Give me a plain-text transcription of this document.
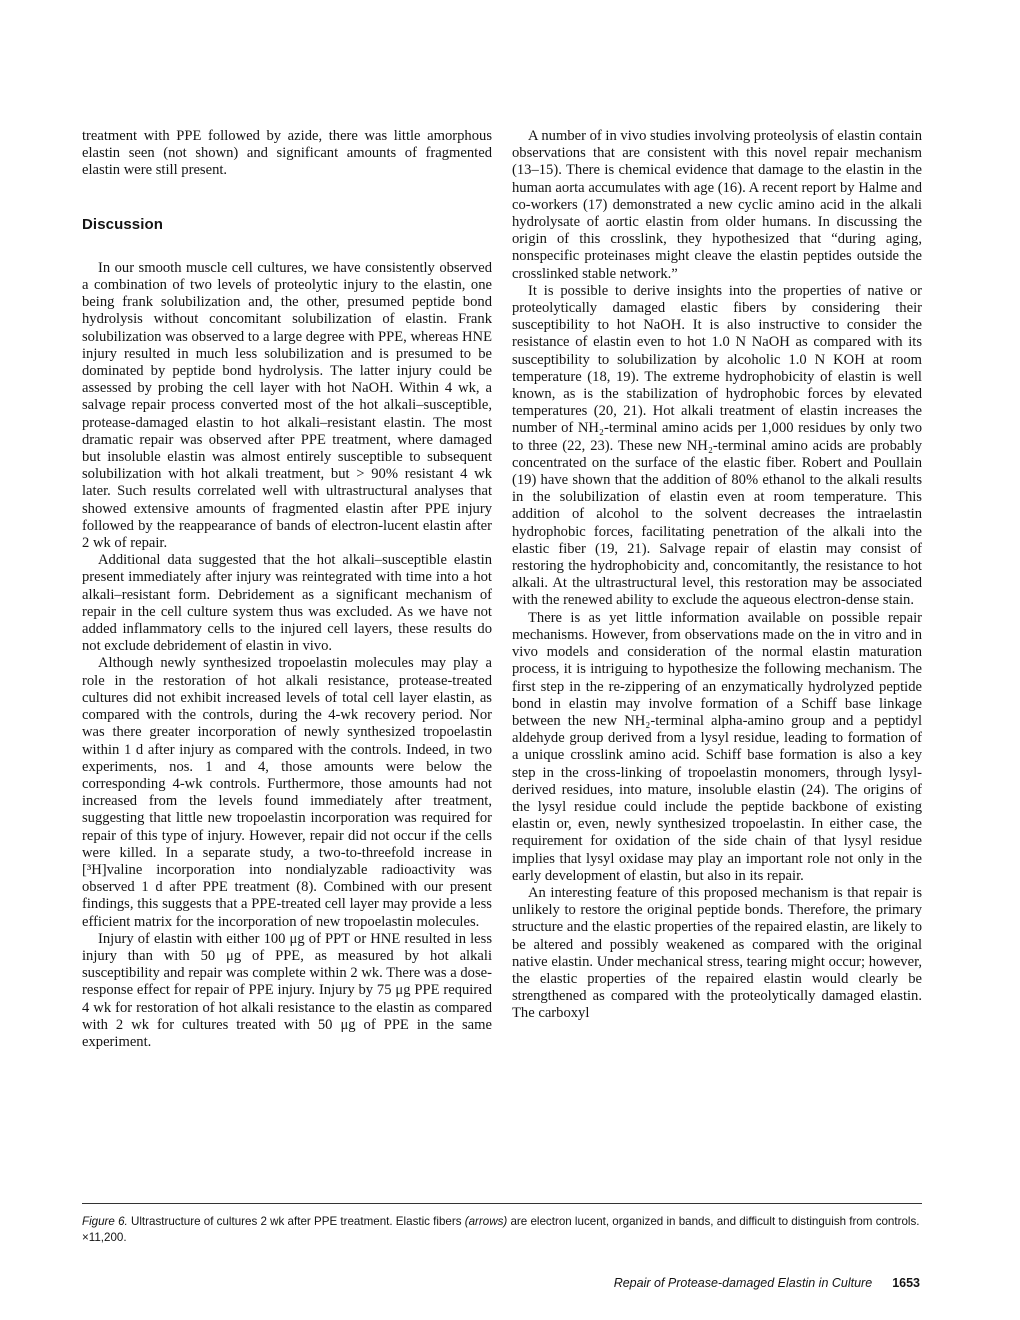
treatment with PPE followed by azide, there was little amorphous elastin seen (not shown) and significant amounts of fragmented elastin were still present.

Discussion

In our smooth muscle cell cultures, we have consistently observed a combination of two levels of proteolytic injury to the elastin, one being frank solubilization and, the other, presumed peptide bond hydrolysis without concomitant solubilization of elastin. Frank solubilization was observed to a large degree with PPE, whereas HNE injury resulted in much less solubilization and is presumed to be dominated by peptide bond hydrolysis. The latter injury could be assessed by probing the cell layer with hot NaOH. Within 4 wk, a salvage repair process converted most of the hot alkali–susceptible, protease-damaged elastin to hot alkali–resistant elastin. The most dramatic repair was observed after PPE treatment, where damaged but insoluble elastin was almost entirely susceptible to subsequent solubilization with hot alkali treatment, but > 90% resistant 4 wk later. Such results correlated well with ultrastructural analyses that showed extensive amounts of fragmented elastin after PPE injury followed by the reappearance of bands of electron-lucent elastin after 2 wk of repair.

Additional data suggested that the hot alkali–susceptible elastin present immediately after injury was reintegrated with time into a hot alkali–resistant form. Debridement as a significant mechanism of repair in the cell culture system thus was excluded. As we have not added inflammatory cells to the injured cell layers, these results do not exclude debridement of elastin in vivo.

Although newly synthesized tropoelastin molecules may play a role in the restoration of hot alkali resistance, protease-treated cultures did not exhibit increased levels of total cell layer elastin, as compared with the controls, during the 4-wk recovery period. Nor was there greater incorporation of newly synthesized tropoelastin within 1 d after injury as compared with the controls. Indeed, in two experiments, nos. 1 and 4, those amounts were below the corresponding 4-wk controls. Furthermore, those amounts had not increased from the levels found immediately after treatment, suggesting that little new tropoelastin incorporation was required for repair of this type of injury. However, repair did not occur if the cells were killed. In a separate study, a two-to-threefold increase in [³H]valine incorporation into nondialyzable radioactivity was observed 1 d after PPE treatment (8). Combined with our present findings, this suggests that a PPE-treated cell layer may provide a less efficient matrix for the incorporation of new tropoelastin molecules.

Injury of elastin with either 100 μg of PPT or HNE resulted in less injury than with 50 μg of PPE, as measured by hot alkali susceptibility and repair was complete within 2 wk. There was a dose-response effect for repair of PPE injury. Injury by 75 μg PPE required 4 wk for restoration of hot alkali resistance to the elastin as compared with 2 wk for cultures treated with 50 μg of PPE in the same experiment.

A number of in vivo studies involving proteolysis of elastin contain observations that are consistent with this novel repair mechanism (13–15). There is chemical evidence that damage to the elastin in the human aorta accumulates with age (16). A recent report by Halme and co-workers (17) demonstrated a new cyclic amino acid in the alkali hydrolysate of aortic elastin from older humans. In discussing the origin of this crosslink, they hypothesized that “during aging, nonspecific proteinases might cleave the elastin peptides outside the crosslinked stable network.”

It is possible to derive insights into the properties of native or proteolytically damaged elastic fibers by considering their susceptibility to hot NaOH. It is also instructive to consider the resistance of elastin even to hot 1.0 N NaOH as compared with its susceptibility to solubilization by alcoholic 1.0 N KOH at room temperature (18, 19). The extreme hydrophobicity of elastin is well known, as is the stabilization of hydrophobic forces by elevated temperatures (20, 21). Hot alkali treatment of elastin increases the number of NH₂-terminal amino acids per 1,000 residues by only two to three (22, 23). These new NH₂-terminal amino acids are probably concentrated on the surface of the elastic fiber. Robert and Poullain (19) have shown that the addition of 80% ethanol to the alkali results in the solubilization of elastin even at room temperature. This addition of alcohol to the solvent decreases the intraelastin hydrophobic forces, facilitating penetration of the alkali into the elastic fiber (19, 21). Salvage repair of elastin may consist of restoring the hydrophobicity and, concomitantly, the resistance to hot alkali. At the ultrastructural level, this restoration may be associated with the renewed ability to exclude the aqueous electron-dense stain.

There is as yet little information available on possible repair mechanisms. However, from observations made on the in vitro and in vivo models and consideration of the normal elastin maturation process, it is intriguing to hypothesize the following mechanism. The first step in the re-zippering of an enzymatically hydrolyzed peptide bond in elastin may involve formation of a Schiff base linkage between the new NH₂-terminal alpha-amino group and a peptidyl aldehyde group derived from a lysyl residue, leading to formation of a unique crosslink amino acid. Schiff base formation is also a key step in the cross-linking of tropoelastin monomers, through lysyl-derived residues, into mature, insoluble elastin (24). The origins of the lysyl residue could include the peptide backbone of existing elastin or, even, newly synthesized tropoelastin. In either case, the requirement for oxidation of the side chain of that lysyl residue implies that lysyl oxidase may play an important role not only in the early development of elastin, but also in its repair.

An interesting feature of this proposed mechanism is that repair is unlikely to restore the original peptide bonds. Therefore, the primary structure and the elastic properties of the repaired elastin, are likely to be altered and possibly weakened as compared with the original native elastin. Under mechanical stress, tearing might occur; however, the elastic properties of the repaired elastin would clearly be strengthened as compared with the proteolytically damaged elastin. The carboxyl

Figure 6. Ultrastructure of cultures 2 wk after PPE treatment. Elastic fibers (arrows) are electron lucent, organized in bands, and difficult to distinguish from controls. ×11,200.
Repair of Protease-damaged Elastin in Culture 1653
